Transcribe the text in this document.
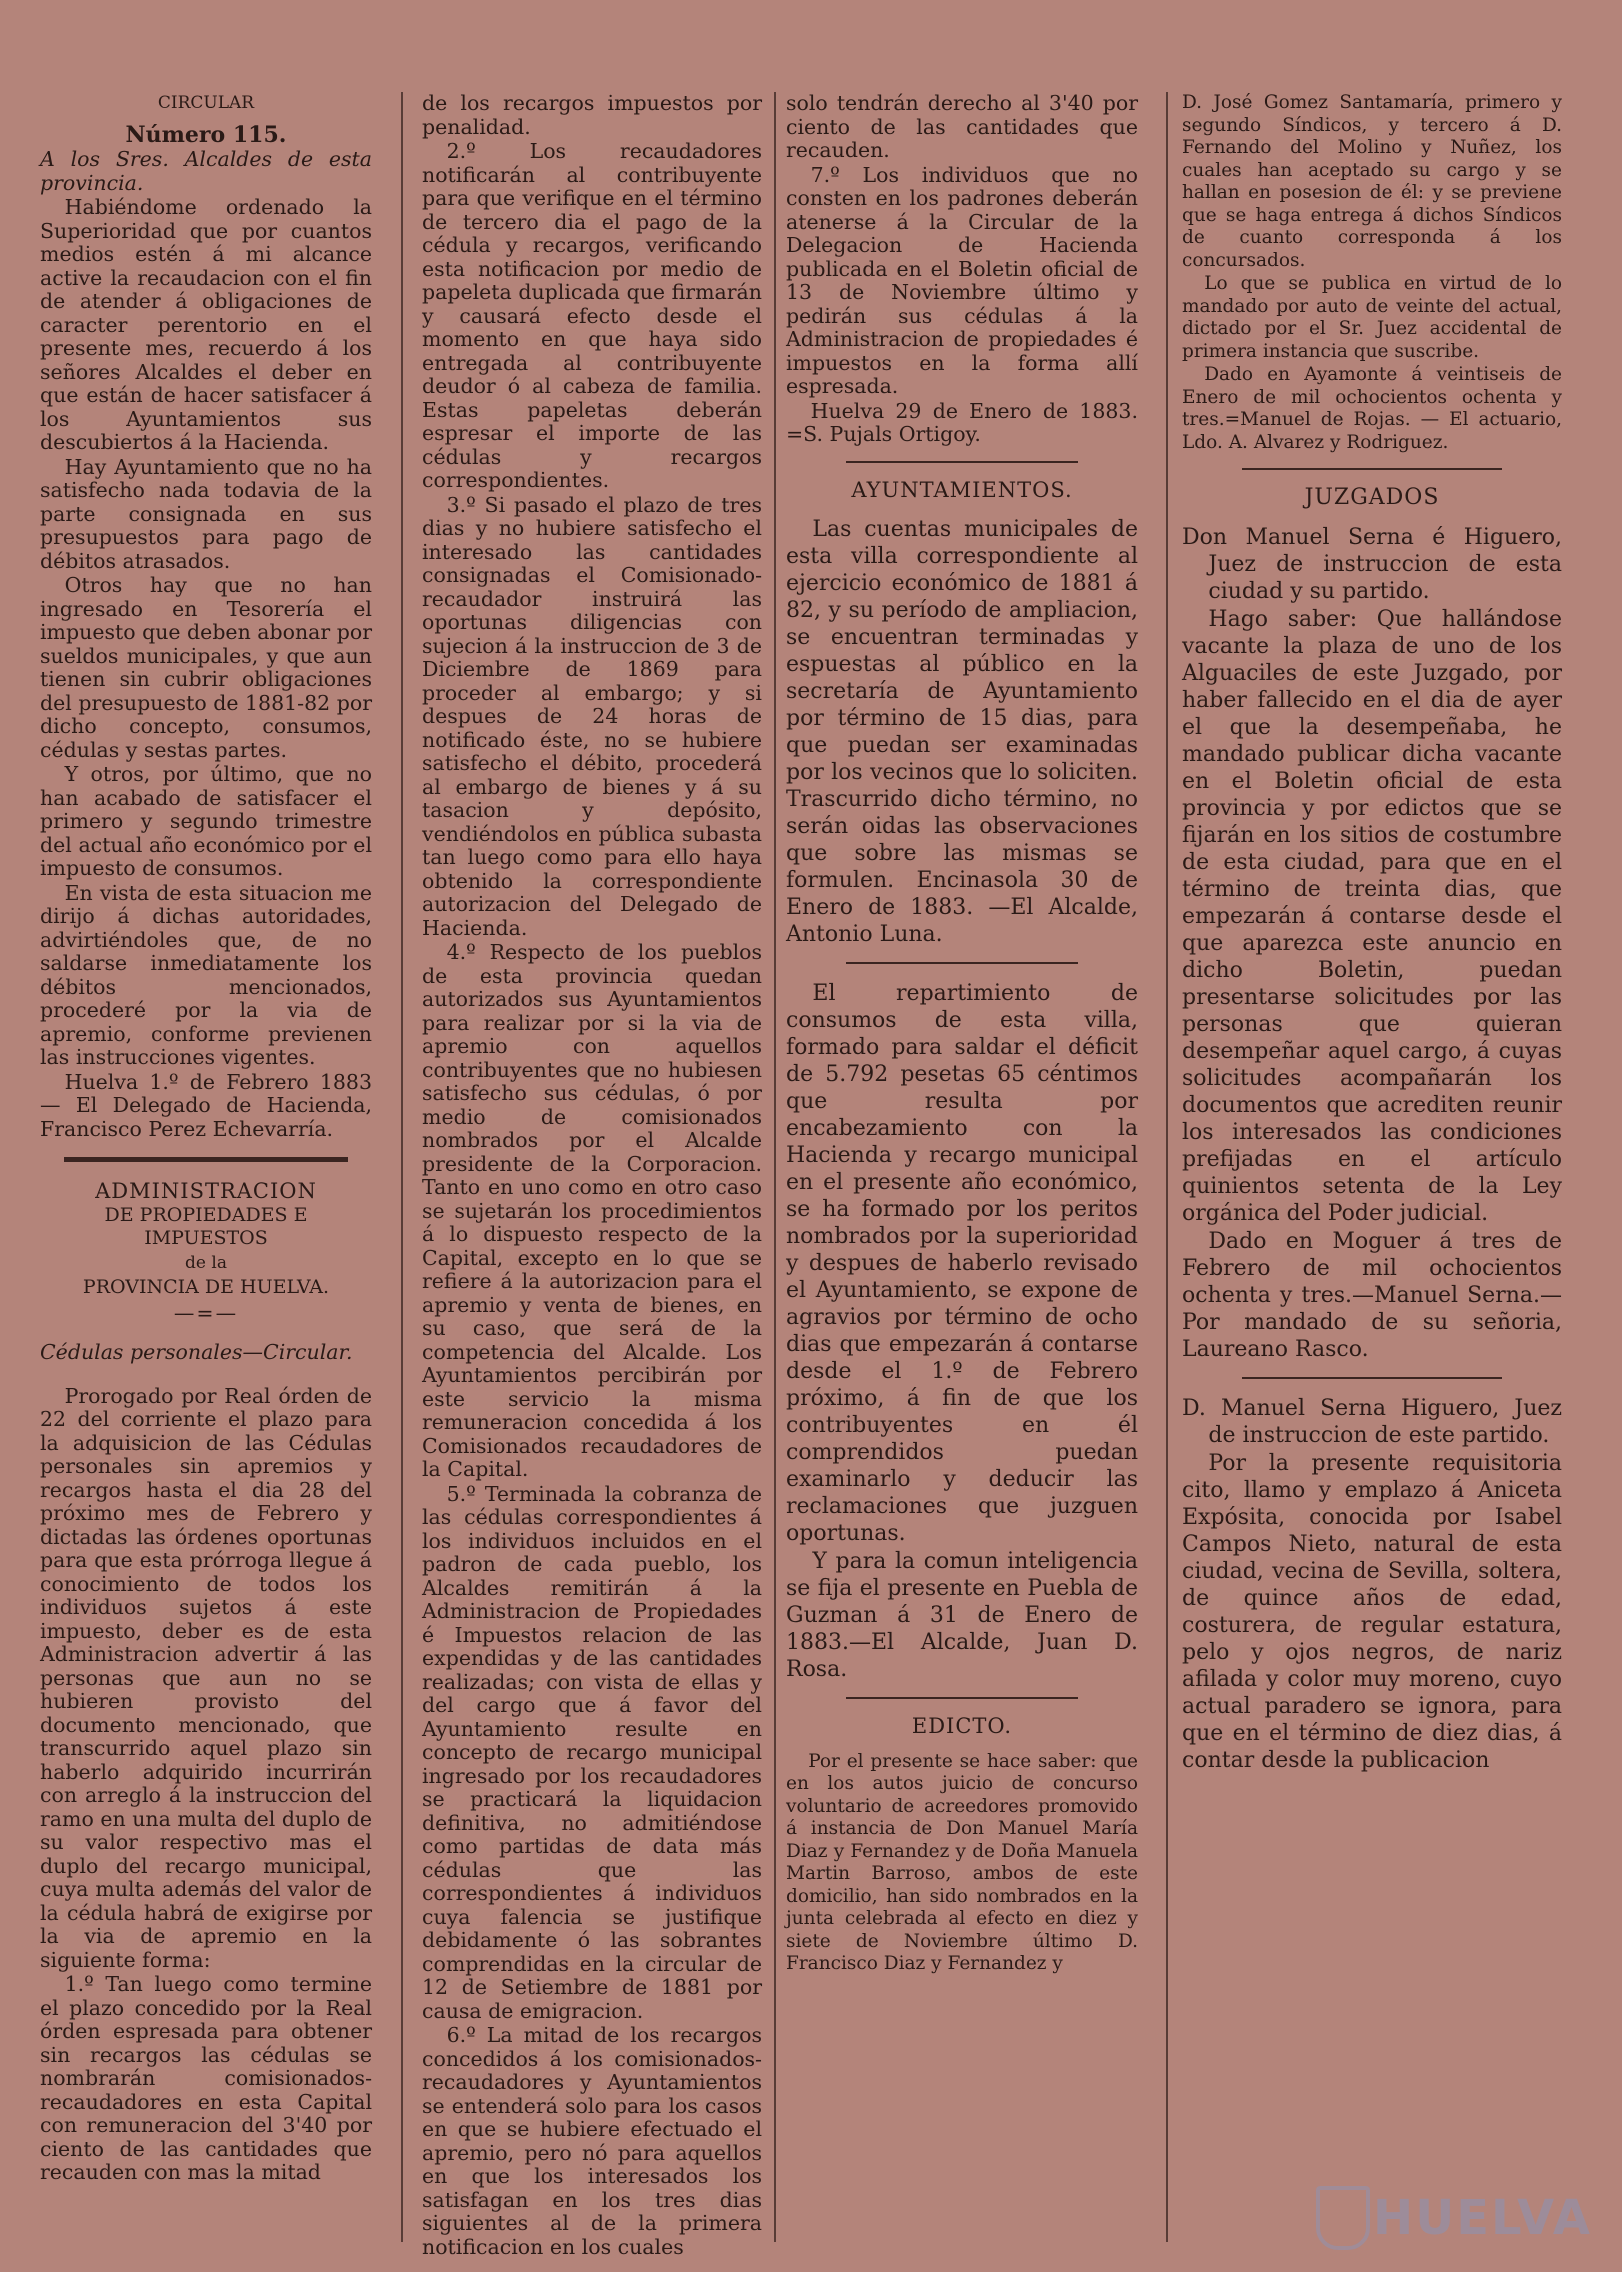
CIRCULAR

Número 115.

A los Sres. Alcaldes de esta provincia.

Habiéndome ordenado la Superioridad que por cuantos medios estén á mi alcance active la recaudacion con el fin de atender á obligaciones de caracter perentorio en el presente mes, recuerdo á los señores Alcaldes el deber en que están de hacer satisfacer á los Ayuntamientos sus descubiertos á la Hacienda.

Hay Ayuntamiento que no ha satisfecho nada todavia de la parte consignada en sus presupuestos para pago de débitos atrasados.

Otros hay que no han ingresado en Tesorería el impuesto que deben abonar por sueldos municipales, y que aun tienen sin cubrir obligaciones del presupuesto de 1881-82 por dicho concepto, consumos, cédulas y sestas partes.

Y otros, por último, que no han acabado de satisfacer el primero y segundo trimestre del actual año económico por el impuesto de consumos.

En vista de esta situacion me dirijo á dichas autoridades, advirtiéndoles que, de no saldarse inmediatamente los débitos mencionados, procederé por la via de apremio, conforme previenen las instrucciones vigentes.

Huelva 1.º de Febrero 1883 — El Delegado de Hacienda, Francisco Perez Echevarría.

ADMINISTRACION

DE PROPIEDADES E IMPUESTOS

de la

PROVINCIA DE HUELVA.

—=—

Cédulas personales—Circular.

Prorogado por Real órden de 22 del corriente el plazo para la adquisicion de las Cédulas personales sin apremios y recargos hasta el dia 28 del próximo mes de Febrero y dictadas las órdenes oportunas para que esta prórroga llegue á conocimiento de todos los individuos sujetos á este impuesto, deber es de esta Administracion advertir á las personas que aun no se hubieren provisto del documento mencionado, que transcurrido aquel plazo sin haberlo adquirido incurrirán con arreglo á la instruccion del ramo en una multa del duplo de su valor respectivo mas el duplo del recargo municipal, cuya multa además del valor de la cédula habrá de exigirse por la via de apremio en la siguiente forma:

1.º Tan luego como termine el plazo concedido por la Real órden espresada para obtener sin recargos las cédulas se nombrarán comisionados-recaudadores en esta Capital con remuneracion del 3'40 por ciento de las cantidades que recauden con mas la mitad

de los recargos impuestos por penalidad.

2.º Los recaudadores notificarán al contribuyente para que verifique en el término de tercero dia el pago de la cédula y recargos, verificando esta notificacion por medio de papeleta duplicada que firmarán y causará efecto desde el momento en que haya sido entregada al contribuyente deudor ó al cabeza de familia. Estas papeletas deberán espresar el importe de las cédulas y recargos correspondientes.

3.º Si pasado el plazo de tres dias y no hubiere satisfecho el interesado las cantidades consignadas el Comisionado-recaudador instruirá las oportunas diligencias con sujecion á la instruccion de 3 de Diciembre de 1869 para proceder al embargo; y si despues de 24 horas de notificado éste, no se hubiere satisfecho el débito, procederá al embargo de bienes y á su tasacion y depósito, vendiéndolos en pública subasta tan luego como para ello haya obtenido la correspondiente autorizacion del Delegado de Hacienda.

4.º Respecto de los pueblos de esta provincia quedan autorizados sus Ayuntamientos para realizar por si la via de apremio con aquellos contribuyentes que no hubiesen satisfecho sus cédulas, ó por medio de comisionados nombrados por el Alcalde presidente de la Corporacion. Tanto en uno como en otro caso se sujetarán los procedimientos á lo dispuesto respecto de la Capital, excepto en lo que se refiere á la autorizacion para el apremio y venta de bienes, en su caso, que será de la competencia del Alcalde. Los Ayuntamientos percibirán por este servicio la misma remuneracion concedida á los Comisionados recaudadores de la Capital.

5.º Terminada la cobranza de las cédulas correspondientes á los individuos incluidos en el padron de cada pueblo, los Alcaldes remitirán á la Administracion de Propiedades é Impuestos relacion de las expendidas y de las cantidades realizadas; con vista de ellas y del cargo que á favor del Ayuntamiento resulte en concepto de recargo municipal ingresado por los recaudadores se practicará la liquidacion definitiva, no admitiéndose como partidas de data más cédulas que las correspondientes á individuos cuya falencia se justifique debidamente ó las sobrantes comprendidas en la circular de 12 de Setiembre de 1881 por causa de emigracion.

6.º La mitad de los recargos concedidos á los comisionados-recaudadores y Ayuntamientos se entenderá solo para los casos en que se hubiere efectuado el apremio, pero nó para aquellos en que los interesados los satisfagan en los tres dias siguientes al de la primera notificacion en los cuales

solo tendrán derecho al 3'40 por ciento de las cantidades que recauden.

7.º Los individuos que no consten en los padrones deberán atenerse á la Circular de la Delegacion de Hacienda publicada en el Boletin oficial de 13 de Noviembre último y pedirán sus cédulas á la Administracion de propiedades é impuestos en la forma allí espresada.

Huelva 29 de Enero de 1883. =S. Pujals Ortigoy.

AYUNTAMIENTOS.

Las cuentas municipales de esta villa correspondiente al ejercicio económico de 1881 á 82, y su período de ampliacion, se encuentran terminadas y espuestas al público en la secretaría de Ayuntamiento por término de 15 dias, para que puedan ser examinadas por los vecinos que lo soliciten. Trascurrido dicho término, no serán oidas las observaciones que sobre las mismas se formulen. Encinasola 30 de Enero de 1883. —El Alcalde, Antonio Luna.

El repartimiento de consumos de esta villa, formado para saldar el déficit de 5.792 pesetas 65 céntimos que resulta por encabezamiento con la Hacienda y recargo municipal en el presente año económico, se ha formado por los peritos nombrados por la superioridad y despues de haberlo revisado el Ayuntamiento, se expone de agravios por término de ocho dias que empezarán á contarse desde el 1.º de Febrero próximo, á fin de que los contribuyentes en él comprendidos puedan examinarlo y deducir las reclamaciones que juzguen oportunas.

Y para la comun inteligencia se fija el presente en Puebla de Guzman á 31 de Enero de 1883.—El Alcalde, Juan D. Rosa.

EDICTO.

Por el presente se hace saber: que en los autos juicio de concurso voluntario de acreedores promovido á instancia de Don Manuel María Diaz y Fernandez y de Doña Manuela Martin Barroso, ambos de este domicilio, han sido nombrados en la junta celebrada al efecto en diez y siete de Noviembre último D. Francisco Diaz y Fernandez y

D. José Gomez Santamaría, primero y segundo Síndicos, y tercero á D. Fernando del Molino y Nuñez, los cuales han aceptado su cargo y se hallan en posesion de él: y se previene que se haga entrega á dichos Síndicos de cuanto corresponda á los concursados.

Lo que se publica en virtud de lo mandado por auto de veinte del actual, dictado por el Sr. Juez accidental de primera instancia que suscribe.

Dado en Ayamonte á veintiseis de Enero de mil ochocientos ochenta y tres.=Manuel de Rojas. — El actuario, Ldo. A. Alvarez y Rodriguez.

JUZGADOS

Don Manuel Serna é Higuero, Juez de instruccion de esta ciudad y su partido.

Hago saber: Que hallándose vacante la plaza de uno de los Alguaciles de este Juzgado, por haber fallecido en el dia de ayer el que la desempeñaba, he mandado publicar dicha vacante en el Boletin oficial de esta provincia y por edictos que se fijarán en los sitios de costumbre de esta ciudad, para que en el término de treinta dias, que empezarán á contarse desde el que aparezca este anuncio en dicho Boletin, puedan presentarse solicitudes por las personas que quieran desempeñar aquel cargo, á cuyas solicitudes acompañarán los documentos que acrediten reunir los interesados las condiciones prefijadas en el artículo quinientos setenta de la Ley orgánica del Poder judicial.

Dado en Moguer á tres de Febrero de mil ochocientos ochenta y tres.—Manuel Serna.—Por mandado de su señoria, Laureano Rasco.

D. Manuel Serna Higuero, Juez de instruccion de este partido.

Por la presente requisitoria cito, llamo y emplazo á Aniceta Expósita, conocida por Isabel Campos Nieto, natural de esta ciudad, vecina de Sevilla, soltera, de quince años de edad, costurera, de regular estatura, pelo y ojos negros, de nariz afilada y color muy moreno, cuyo actual paradero se ignora, para que en el término de diez dias, á contar desde la publicacion

HUELVA
